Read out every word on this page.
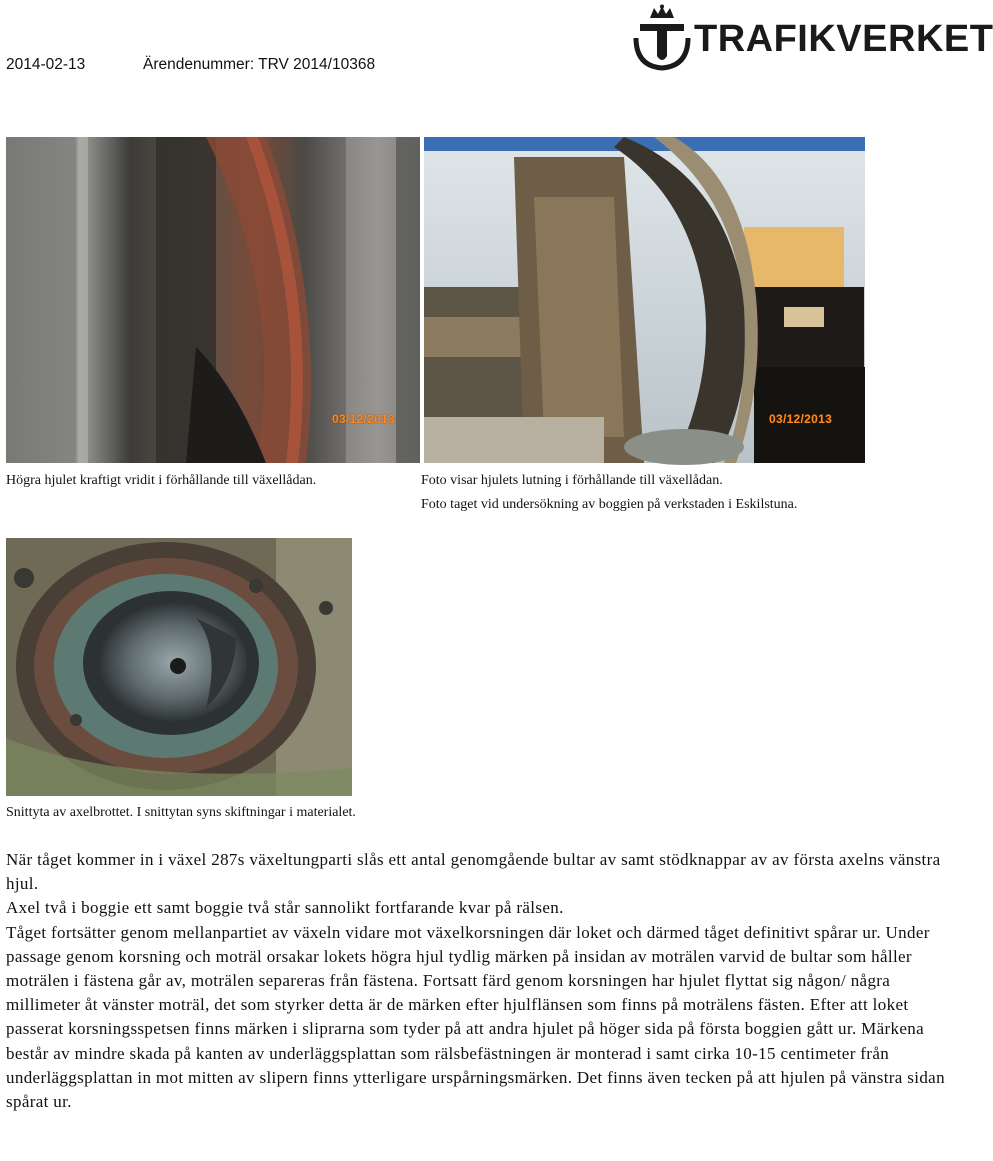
2014-02-13	Ärendenummer: TRV 2014/10368
TRAFIKVERKET
03/12/2013	03/12/2013
Högra hjulet kraftigt vridit i förhållande till växellådan.	Foto visar hjulets lutning i förhållande till växellådan.
Foto taget vid undersökning av boggien på verkstaden i Eskilstuna.
Snittyta av axelbrottet. I snittytan syns skiftningar i materialet.

När tåget kommer in i växel 287s växeltungparti slås ett antal genomgående bultar av samt stödknappar av av första axelns vänstra hjul.

Axel två i boggie ett samt boggie två står sannolikt fortfarande kvar på rälsen.

Tåget fortsätter genom mellanpartiet av växeln vidare mot växelkorsningen där loket och därmed tåget definitivt spårar ur. Under passage genom korsning och moträl orsakar lokets högra hjul tydlig märken på insidan av moträlen varvid de bultar som håller moträlen i fästena går av, moträlen separeras från fästena. Fortsatt färd genom korsningen har hjulet flyttat sig någon/ några millimeter åt vänster moträl, det som styrker detta är de märken efter hjulflänsen som finns på moträlens fästen. Efter att loket passerat korsningsspetsen finns märken i sliprarna som tyder på att andra hjulet på höger sida på första boggien gått ur. Märkena består av mindre skada på kanten av underläggsplattan som rälsbefästningen är monterad i samt cirka 10-15 centimeter från underläggsplattan in mot mitten av slipern finns ytterligare urspårningsmärken. Det finns även tecken på att hjulen på vänstra sidan spårat ur.
